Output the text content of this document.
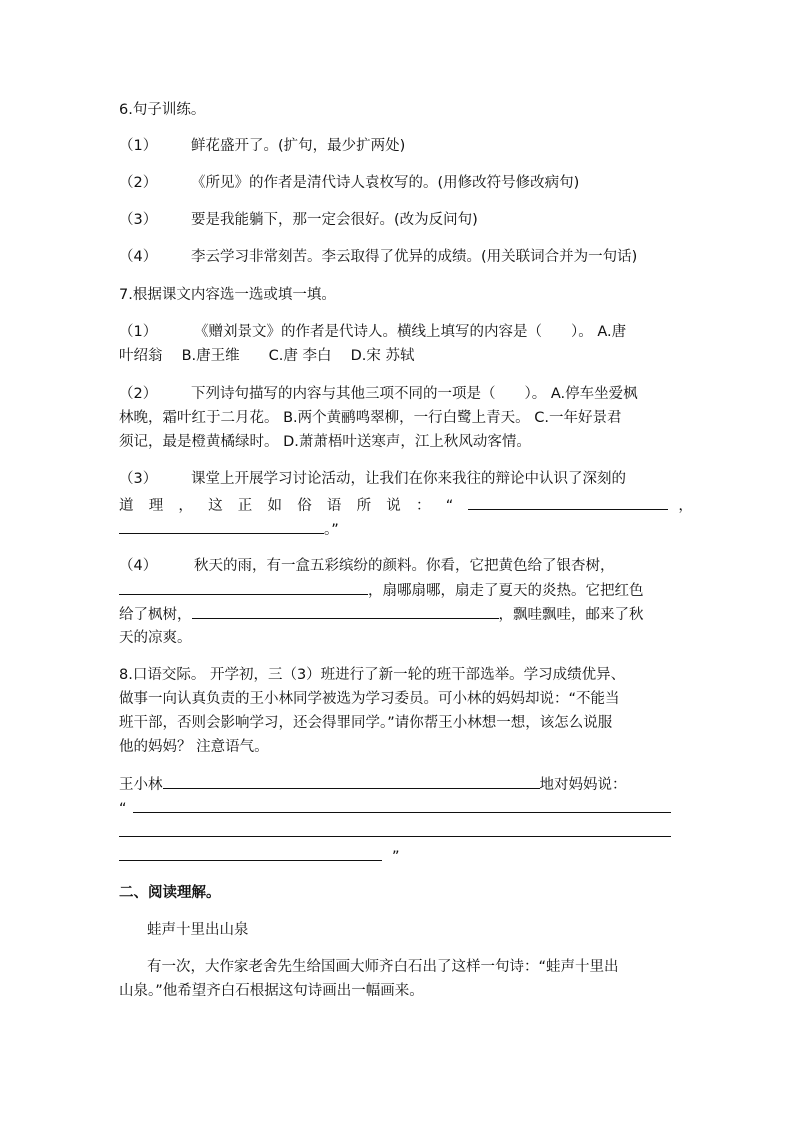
6.句子训练。
（1） 鲜花盛开了。(扩句，最少扩两处)
（2） 《所见》的作者是清代诗人袁枚写的。(用修改符号修改病句)
（3） 要是我能躺下，那一定会很好。(改为反问句)
（4） 李云学习非常刻苦。李云取得了优异的成绩。(用关联词合并为一句话)
7.根据课文内容选一选或填一填。
（1）	《赠刘景文》的作者是代诗人。横线上填写的内容是（　　）。 A.唐
叶绍翁　 B.唐王维　　C.唐 李白　 D.宋 苏轼
（2） 下列诗句描写的内容与其他三项不同的一项是（　　）。 A.停车坐爱枫
林晚，霜叶红于二月花。 B.两个黄鹂鸣翠柳，一行白鹭上青天。 C.一年好景君
须记，最是橙黄橘绿时。 D.萧萧梧叶送寒声，江上秋风动客情。
（3） 课堂上开展学习讨论活动，让我们在你来我往的辩论中认识了深刻的
道理，这正如俗语所说：“	，
。”
（4）	秋天的雨，有一盒五彩缤纷的颜料。你看，它把黄色给了银杏树，
，扇哪扇哪，扇走了夏天的炎热。它把红色
给了枫树，	，飘哇飘哇，邮来了秋
天的凉爽。
8.口语交际。 开学初，三（3）班进行了新一轮的班干部选举。学习成绩优异、
做事一向认真负责的王小林同学被选为学习委员。可小林的妈妈却说：“不能当
班干部，否则会影响学习，还会得罪同学。”请你帮王小林想一想，该怎么说服
他的妈妈？ 注意语气。
王小林	地对妈妈说：
“
”
二、阅读理解。
蛙声十里出山泉
有一次，大作家老舍先生给国画大师齐白石出了这样一句诗：“蛙声十里出
山泉。”他希望齐白石根据这句诗画出一幅画来。
